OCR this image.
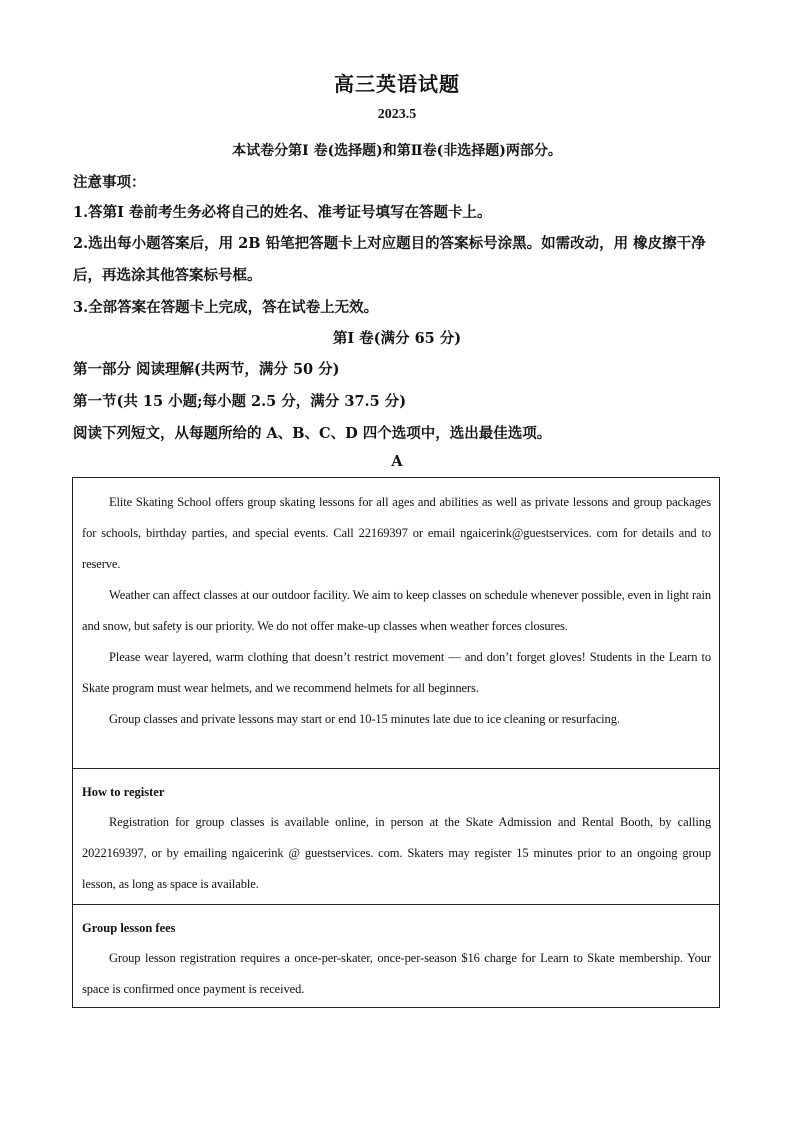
高三英语试题
2023.5
本试卷分第Ⅰ 卷(选择题)和第Ⅱ卷(非选择题)两部分。
注意事项：
1.答第Ⅰ 卷前考生务必将自己的姓名、准考证号填写在答题卡上。
2.选出每小题答案后，用 2B 铅笔把答题卡上对应题目的答案标号涂黑。如需改动，用 橡皮擦干净后，再选涂其他答案标号框。
3.全部答案在答题卡上完成，答在试卷上无效。
第Ⅰ 卷(满分 65 分)
第一部分 阅读理解(共两节，满分 50 分)
第一节(共 15 小题;每小题 2.5 分，满分 37.5 分)
阅读下列短文，从每题所给的 A、B、C、D 四个选项中，选出最佳选项。
A

Elite Skating School offers group skating lessons for all ages and abilities as well as private lessons and group packages for schools, birthday parties, and special events. Call 22169397 or email ngaicerink@guestservices. com for details and to reserve.

Weather can affect classes at our outdoor facility. We aim to keep classes on schedule whenever possible, even in light rain and snow, but safety is our priority. We do not offer make-up classes when weather forces closures.

Please wear layered, warm clothing that doesn’t restrict movement — and don’t forget gloves! Students in the Learn to Skate program must wear helmets, and we recommend helmets for all beginners.

Group classes and private lessons may start or end 10-15 minutes late due to ice cleaning or resurfacing.

How to register

Registration for group classes is available online, in person at the Skate Admission and Rental Booth, by calling 2022169397, or by emailing ngaicerink @ guestservices. com. Skaters may register 15 minutes prior to an ongoing group lesson, as long as space is available.

Group lesson fees

Group lesson registration requires a once-per-skater, once-per-season $16 charge for Learn to Skate membership. Your space is confirmed once payment is received.
